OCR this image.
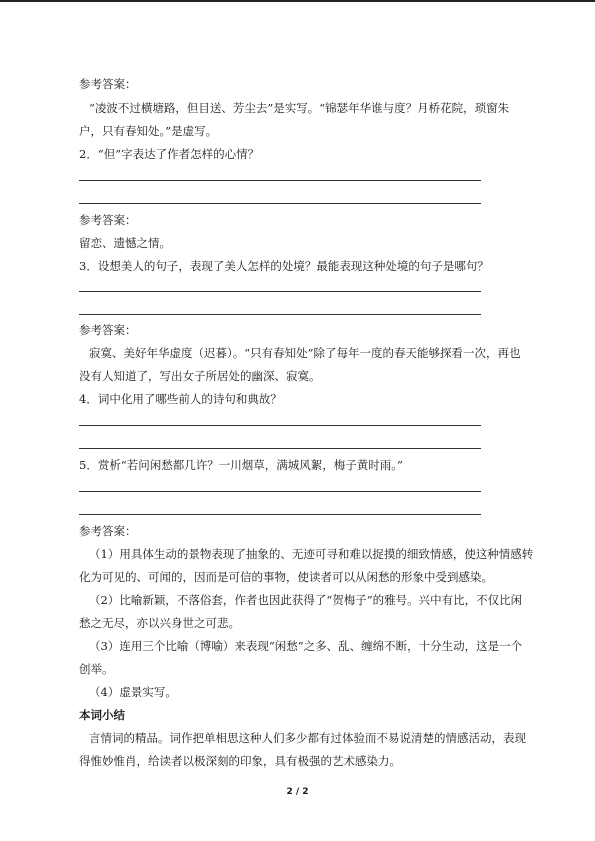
参考答案：
“凌波不过横塘路，但目送、芳尘去”是实写。“锦瑟年华谁与度？月桥花院，琐窗朱
户，只有春知处。”是虚写。
2．“但”字表达了作者怎样的心情？
参考答案：
留恋、遗憾之情。
3．设想美人的句子，表现了美人怎样的处境？最能表现这种处境的句子是哪句？
参考答案：
寂寞、美好年华虚度（迟暮）。“只有春知处”除了每年一度的春天能够探看一次，再也
没有人知道了，写出女子所居处的幽深、寂寞。
4．词中化用了哪些前人的诗句和典故？
5．赏析“若问闲愁都几许？一川烟草，满城风絮，梅子黄时雨。”
参考答案：
（1）用具体生动的景物表现了抽象的、无迹可寻和难以捉摸的细致情感，使这种情感转
化为可见的、可闻的，因而是可信的事物，使读者可以从闲愁的形象中受到感染。
（2）比喻新颖，不落俗套，作者也因此获得了“贺梅子”的雅号。兴中有比，不仅比闲
愁之无尽，亦以兴身世之可悲。
（3）连用三个比喻（博喻）来表现“闲愁”之多、乱、缠绵不断，十分生动，这是一个
创举。
（4）虚景实写。
本词小结
言情词的精品。词作把单相思这种人们多少都有过体验而不易说清楚的情感活动，表现
得惟妙惟肖，给读者以极深刻的印象，具有极强的艺术感染力。
2 / 2
